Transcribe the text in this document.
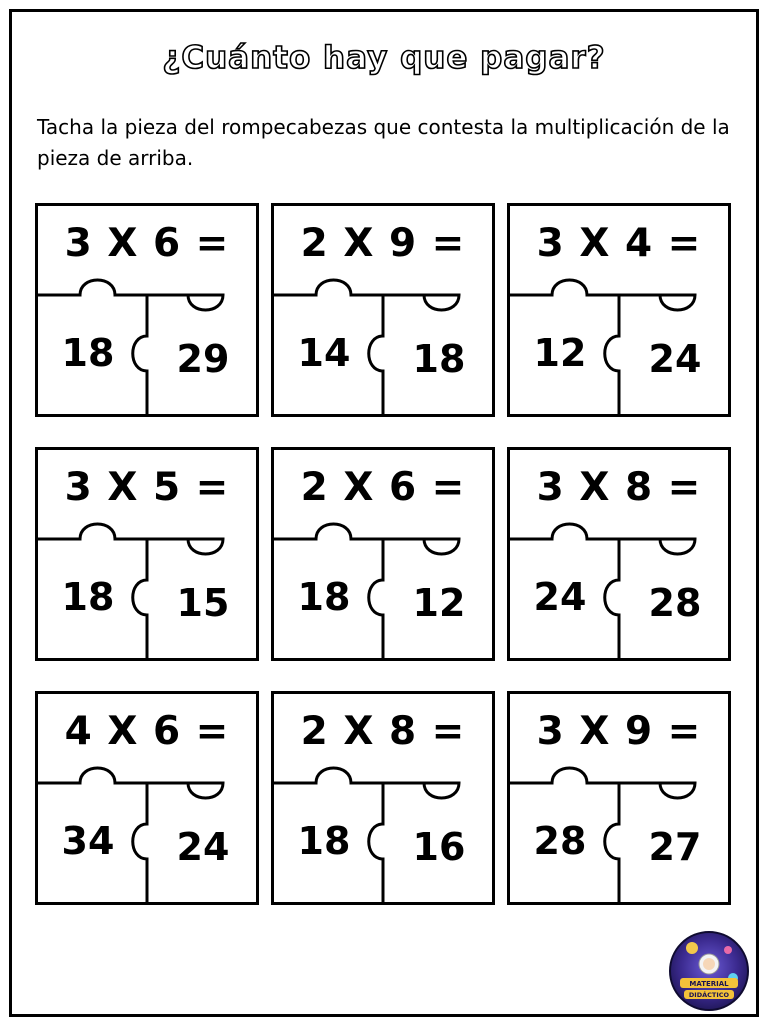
¿Cuánto hay que pagar?

Tacha la pieza del rompecabezas que contesta la multiplicación de la pieza de arriba.

3 X 6 =
18	29
2 X 9 =
14	18
3 X 4 =
12	24
3 X 5 =
18	15
2 X 6 =
18	12
3 X 8 =
24	28
4 X 6 =
34	24
2 X 8 =
18	16
3 X 9 =
28	27
MATERIAL
DIDÁCTICO
